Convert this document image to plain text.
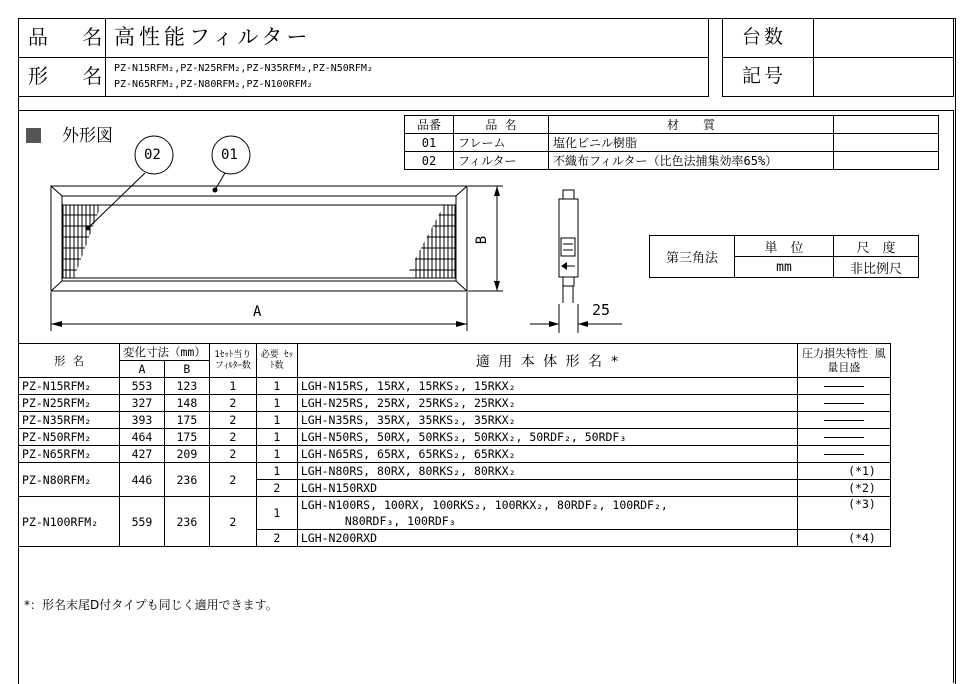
品 名
高性能フィルター
形 名
PZ-N15RFM₂,PZ-N25RFM₂,PZ-N35RFM₂,PZ-N50RFM₂
PZ-N65RFM₂,PZ-N80RFM₂,PZ-N100RFM₂
台数
記号
外形図
02	01
A
B
25
品番	品 名	材　　質	
01	フレーム	塩化ビニル樹脂	
02	フィルター	不織布フィルター（比色法捕集効率65%）	
第三角法	単　位	尺　度
	mm	非比例尺
形 名	変化寸法（mm）		1ｾｯﾄ当り フｨﾙﾀｰ数	必要 ｾｯﾄ数	適 用 本 体 形 名 *	圧力損失特性 風量目盛
	A	B				
PZ-N15RFM₂	553	123	1	1	LGH-N15RS, 15RX, 15RKS₂, 15RKX₂	
PZ-N25RFM₂	327	148	2	1	LGH-N25RS, 25RX, 25RKS₂, 25RKX₂	
PZ-N35RFM₂	393	175	2	1	LGH-N35RS, 35RX, 35RKS₂, 35RKX₂	
PZ-N50RFM₂	464	175	2	1	LGH-N50RS, 50RX, 50RKS₂, 50RKX₂, 50RDF₂, 50RDF₃	
PZ-N65RFM₂	427	209	2	1	LGH-N65RS, 65RX, 65RKS₂, 65RKX₂	
PZ-N80RFM₂	446	236	2	1	LGH-N80RS, 80RX, 80RKS₂, 80RKX₂	(*1)
				2	LGH-N150RXD	(*2)
PZ-N100RFM₂	559	236	2	1	LGH-N100RS, 100RX, 100RKS₂, 100RKX₂, 80RDF₂, 100RDF₂,
N80RDF₃, 100RDF₃	(*3)
				2	LGH-N200RXD	(*4)
*：形名末尾D付タイプも同じく適用できます。
